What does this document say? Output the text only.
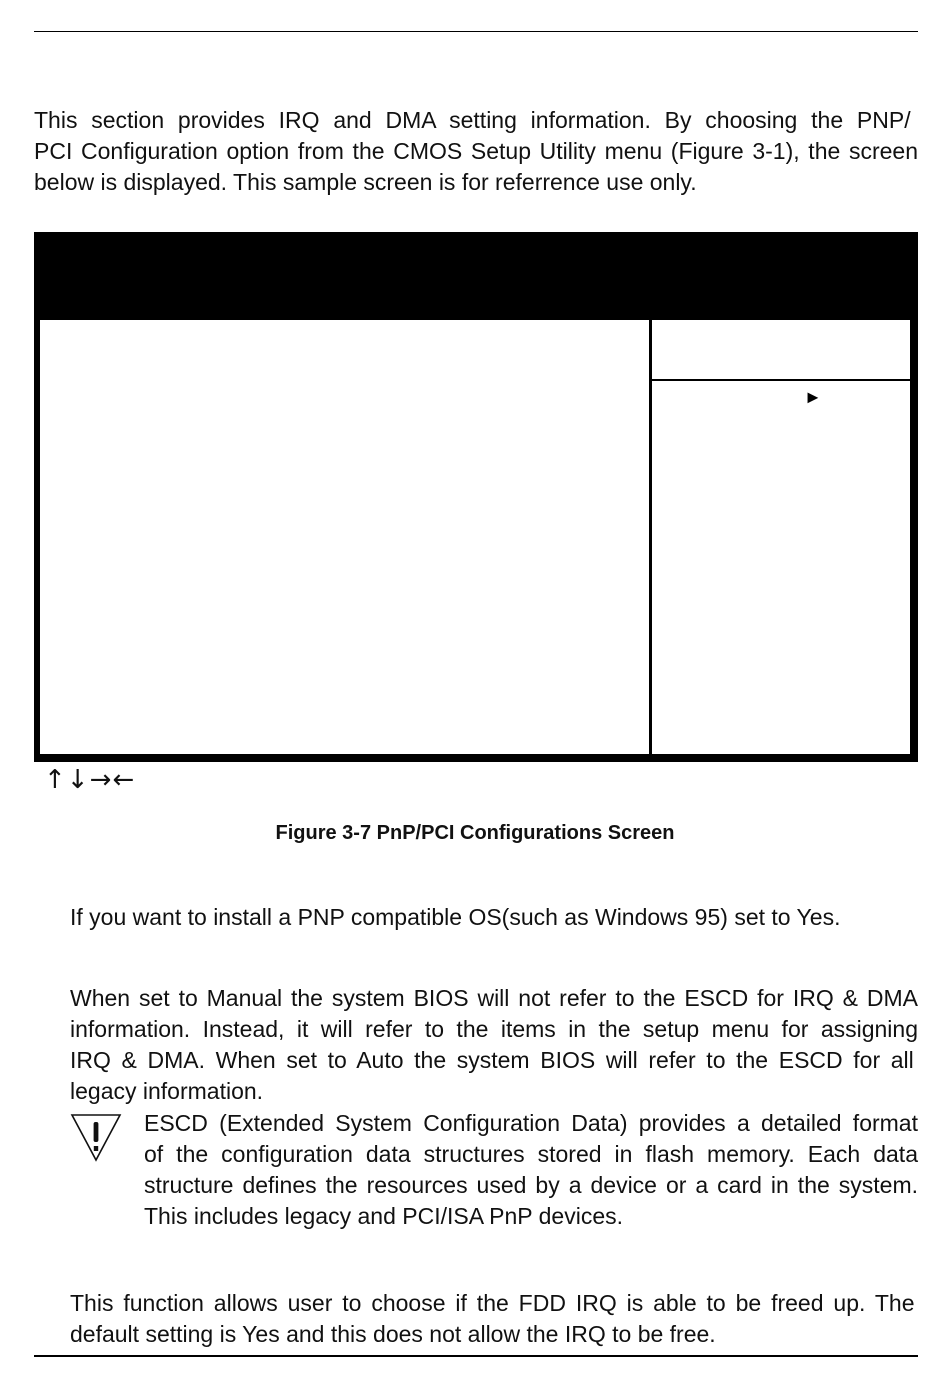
This section provides IRQ and DMA setting information. By choosing the PNP/
PCI Configuration option from the CMOS Setup Utility menu (Figure 3-1), the screen
below is displayed. This sample screen is for referrence use only.
►
↑↓→←
Figure 3-7 PnP/PCI Configurations Screen
If you want to install a PNP compatible OS(such as Windows 95) set to Yes.
When set to Manual the system BIOS will not refer to the ESCD for IRQ & DMA
information. Instead, it will refer to the items in the setup menu for assigning
IRQ & DMA. When set to Auto the system BIOS will refer to the ESCD for all
legacy information.
ESCD (Extended System Configuration Data) provides a detailed format
of the configuration data structures stored in flash memory. Each data
structure defines the resources used by a device or a card in the system.
This includes legacy and PCI/ISA PnP devices.
This function allows user to choose if the FDD IRQ is able to be freed up. The
default setting is Yes and this does not allow the IRQ to be free.
